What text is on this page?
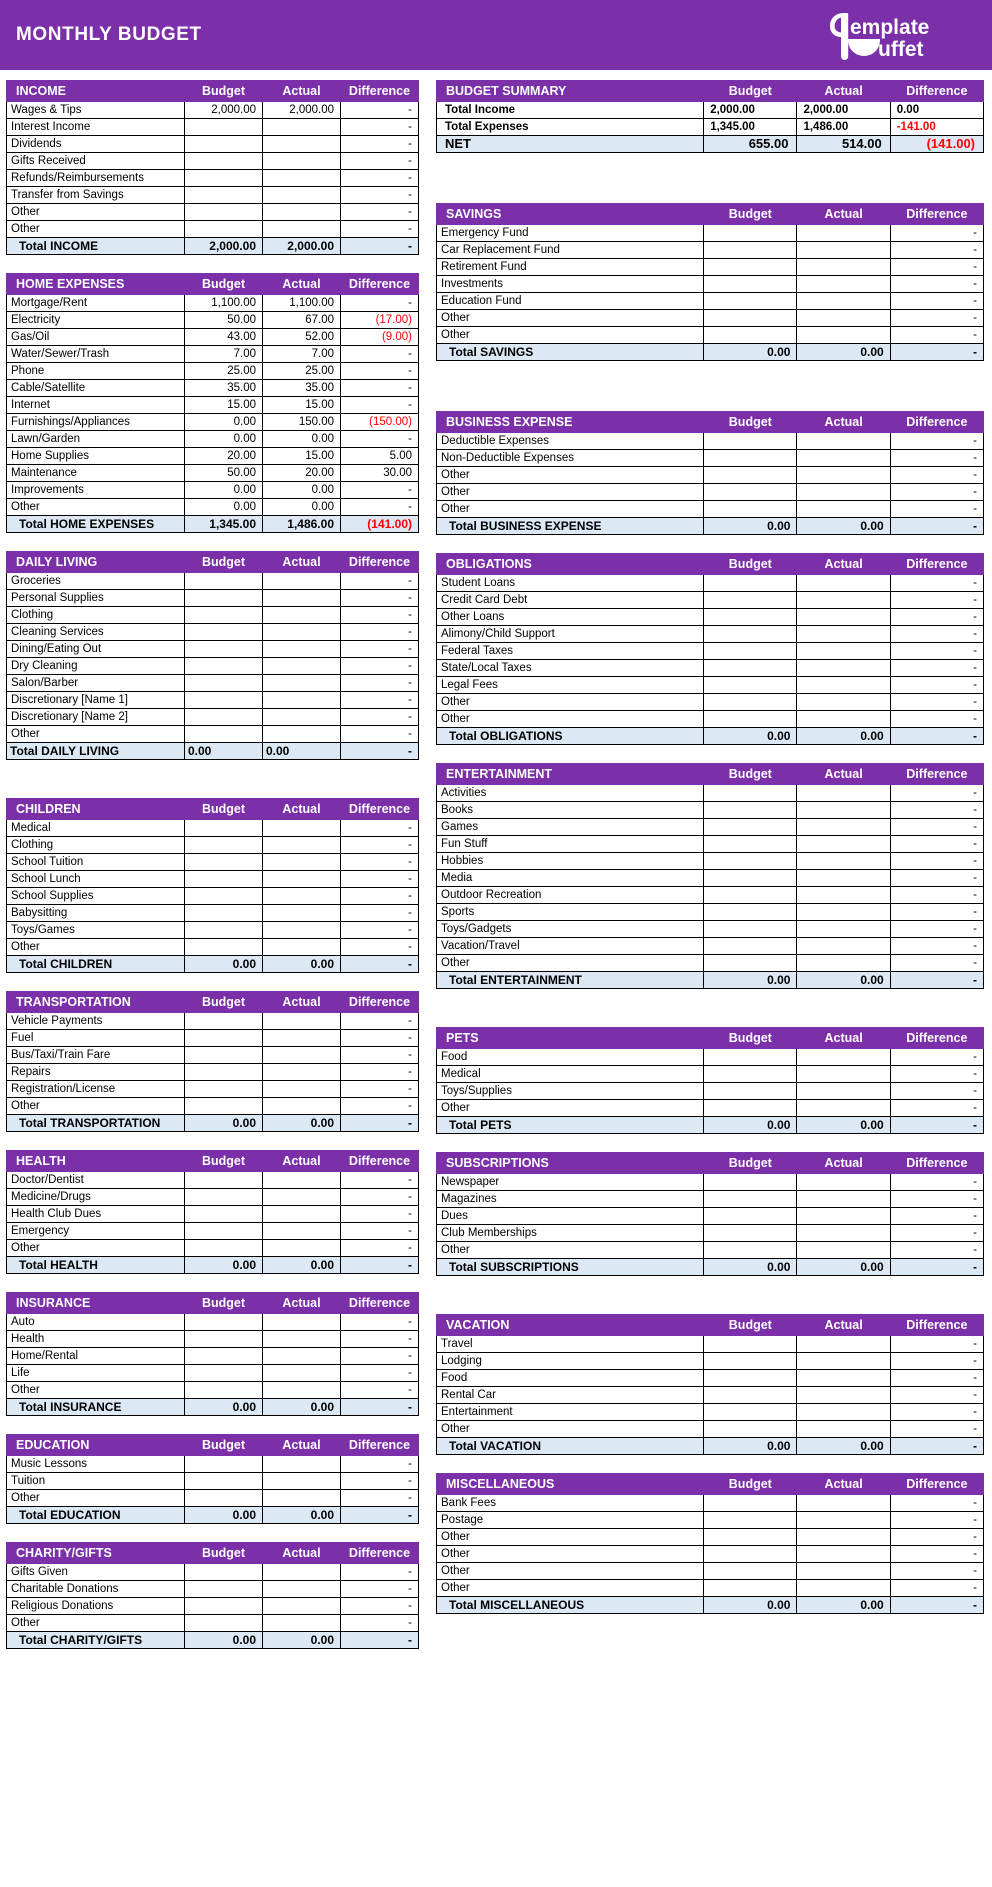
MONTHLY BUDGET	emplate
uffet
INCOME	Budget	Actual	Difference
Wages & Tips	2,000.00	2,000.00	-
Interest Income			-
Dividends			-
Gifts Received			-
Refunds/Reimbursements			-
Transfer from Savings			-
Other			-
Other			-
Total INCOME	2,000.00	2,000.00	-
HOME EXPENSES	Budget	Actual	Difference
Mortgage/Rent	1,100.00	1,100.00	-
Electricity	50.00	67.00	(17.00)
Gas/Oil	43.00	52.00	(9.00)
Water/Sewer/Trash	7.00	7.00	-
Phone	25.00	25.00	-
Cable/Satellite	35.00	35.00	-
Internet	15.00	15.00	-
Furnishings/Appliances	0.00	150.00	(150.00)
Lawn/Garden	0.00	0.00	-
Home Supplies	20.00	15.00	5.00
Maintenance	50.00	20.00	30.00
Improvements	0.00	0.00	-
Other	0.00	0.00	-
Total HOME EXPENSES	1,345.00	1,486.00	(141.00)
DAILY LIVING	Budget	Actual	Difference
Groceries			-
Personal Supplies			-
Clothing			-
Cleaning Services			-
Dining/Eating Out			-
Dry Cleaning			-
Salon/Barber			-
Discretionary [Name 1]			-
Discretionary [Name 2]			-
Other			-
Total DAILY LIVING	0.00	0.00	-
CHILDREN	Budget	Actual	Difference
Medical			-
Clothing			-
School Tuition			-
School Lunch			-
School Supplies			-
Babysitting			-
Toys/Games			-
Other			-
Total CHILDREN	0.00	0.00	-
TRANSPORTATION	Budget	Actual	Difference
Vehicle Payments			-
Fuel			-
Bus/Taxi/Train Fare			-
Repairs			-
Registration/License			-
Other			-
Total TRANSPORTATION	0.00	0.00	-
HEALTH	Budget	Actual	Difference
Doctor/Dentist			-
Medicine/Drugs			-
Health Club Dues			-
Emergency			-
Other			-
Total HEALTH	0.00	0.00	-
INSURANCE	Budget	Actual	Difference
Auto			-
Health			-
Home/Rental			-
Life			-
Other			-
Total INSURANCE	0.00	0.00	-
EDUCATION	Budget	Actual	Difference
Music Lessons			-
Tuition			-
Other			-
Total EDUCATION	0.00	0.00	-
CHARITY/GIFTS	Budget	Actual	Difference
Gifts Given			-
Charitable Donations			-
Religious Donations			-
Other			-
Total CHARITY/GIFTS	0.00	0.00	-
BUDGET SUMMARY	Budget	Actual	Difference
Total Income	2,000.00	2,000.00	0.00
Total Expenses	1,345.00	1,486.00	-141.00
NET	655.00	514.00	(141.00)
SAVINGS	Budget	Actual	Difference
Emergency Fund			-
Car Replacement Fund			-
Retirement Fund			-
Investments			-
Education Fund			-
Other			-
Other			-
Total SAVINGS	0.00	0.00	-
BUSINESS EXPENSE	Budget	Actual	Difference
Deductible Expenses			-
Non-Deductible Expenses			-
Other			-
Other			-
Other			-
Total BUSINESS EXPENSE	0.00	0.00	-
OBLIGATIONS	Budget	Actual	Difference
Student Loans			-
Credit Card Debt			-
Other Loans			-
Alimony/Child Support			-
Federal Taxes			-
State/Local Taxes			-
Legal Fees			-
Other			-
Other			-
Total OBLIGATIONS	0.00	0.00	-
ENTERTAINMENT	Budget	Actual	Difference
Activities			-
Books			-
Games			-
Fun Stuff			-
Hobbies			-
Media			-
Outdoor Recreation			-
Sports			-
Toys/Gadgets			-
Vacation/Travel			-
Other			-
Total ENTERTAINMENT	0.00	0.00	-
PETS	Budget	Actual	Difference
Food			-
Medical			-
Toys/Supplies			-
Other			-
Total PETS	0.00	0.00	-
SUBSCRIPTIONS	Budget	Actual	Difference
Newspaper			-
Magazines			-
Dues			-
Club Memberships			-
Other			-
Total SUBSCRIPTIONS	0.00	0.00	-
VACATION	Budget	Actual	Difference
Travel			-
Lodging			-
Food			-
Rental Car			-
Entertainment			-
Other			-
Total VACATION	0.00	0.00	-
MISCELLANEOUS	Budget	Actual	Difference
Bank Fees			-
Postage			-
Other			-
Other			-
Other			-
Other			-
Total MISCELLANEOUS	0.00	0.00	-
